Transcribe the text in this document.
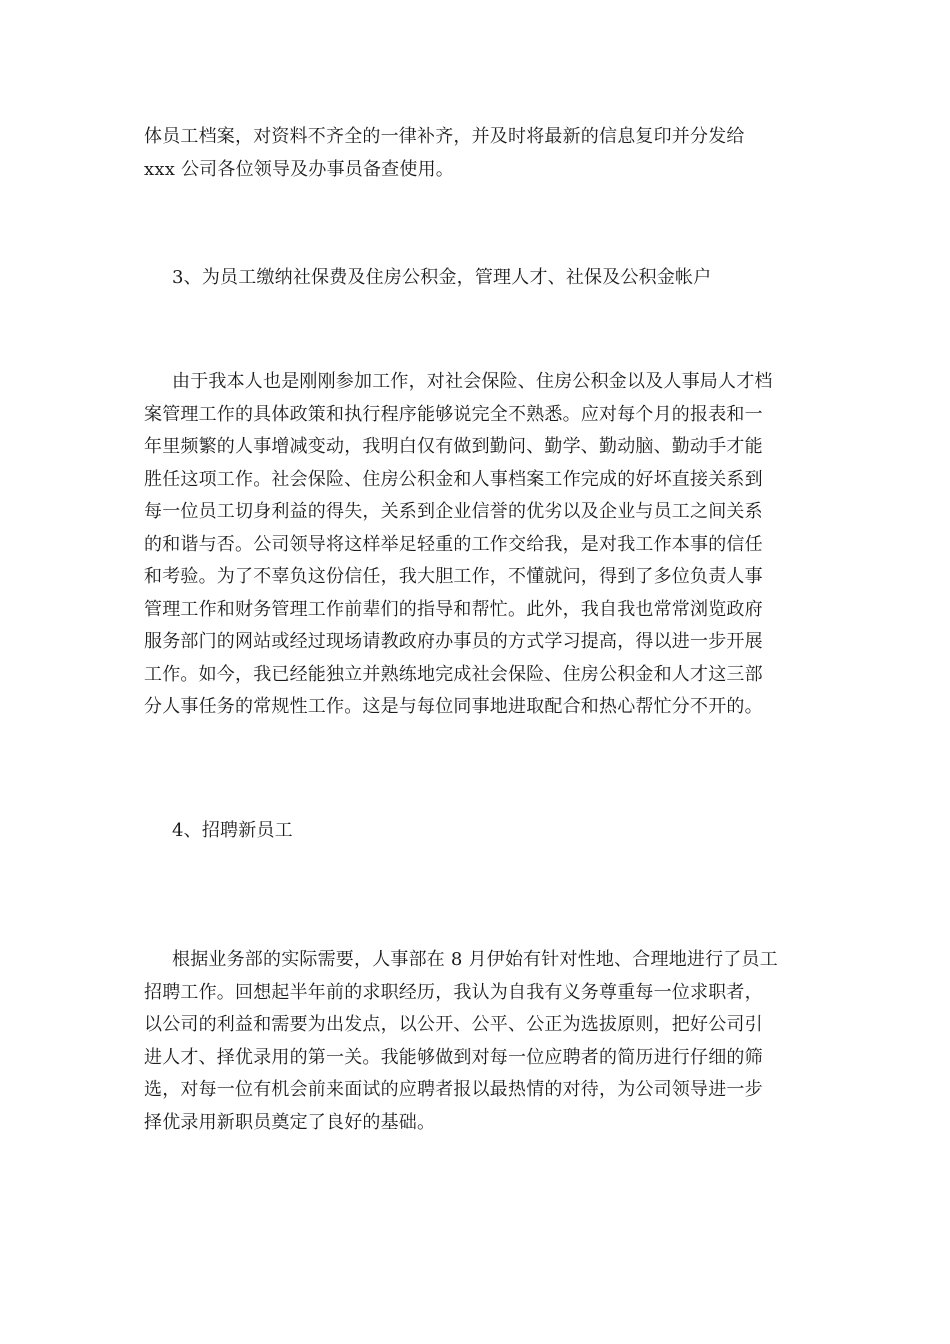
体员工档案，对资料不齐全的一律补齐，并及时将最新的信息复印并分发给
xxx 公司各位领导及办事员备查使用。
3、为员工缴纳社保费及住房公积金，管理人才、社保及公积金帐户
由于我本人也是刚刚参加工作，对社会保险、住房公积金以及人事局人才档
案管理工作的具体政策和执行程序能够说完全不熟悉。应对每个月的报表和一
年里频繁的人事增减变动，我明白仅有做到勤问、勤学、勤动脑、勤动手才能
胜任这项工作。社会保险、住房公积金和人事档案工作完成的好坏直接关系到
每一位员工切身利益的得失，关系到企业信誉的优劣以及企业与员工之间关系
的和谐与否。公司领导将这样举足轻重的工作交给我，是对我工作本事的信任
和考验。为了不辜负这份信任，我大胆工作，不懂就问，得到了多位负责人事
管理工作和财务管理工作前辈们的指导和帮忙。此外，我自我也常常浏览政府
服务部门的网站或经过现场请教政府办事员的方式学习提高，得以进一步开展
工作。如今，我已经能独立并熟练地完成社会保险、住房公积金和人才这三部
分人事任务的常规性工作。这是与每位同事地进取配合和热心帮忙分不开的。
4、招聘新员工
根据业务部的实际需要，人事部在 8 月伊始有针对性地、合理地进行了员工
招聘工作。回想起半年前的求职经历，我认为自我有义务尊重每一位求职者，
以公司的利益和需要为出发点，以公开、公平、公正为选拔原则，把好公司引
进人才、择优录用的第一关。我能够做到对每一位应聘者的简历进行仔细的筛
选，对每一位有机会前来面试的应聘者报以最热情的对待，为公司领导进一步
择优录用新职员奠定了良好的基础。
